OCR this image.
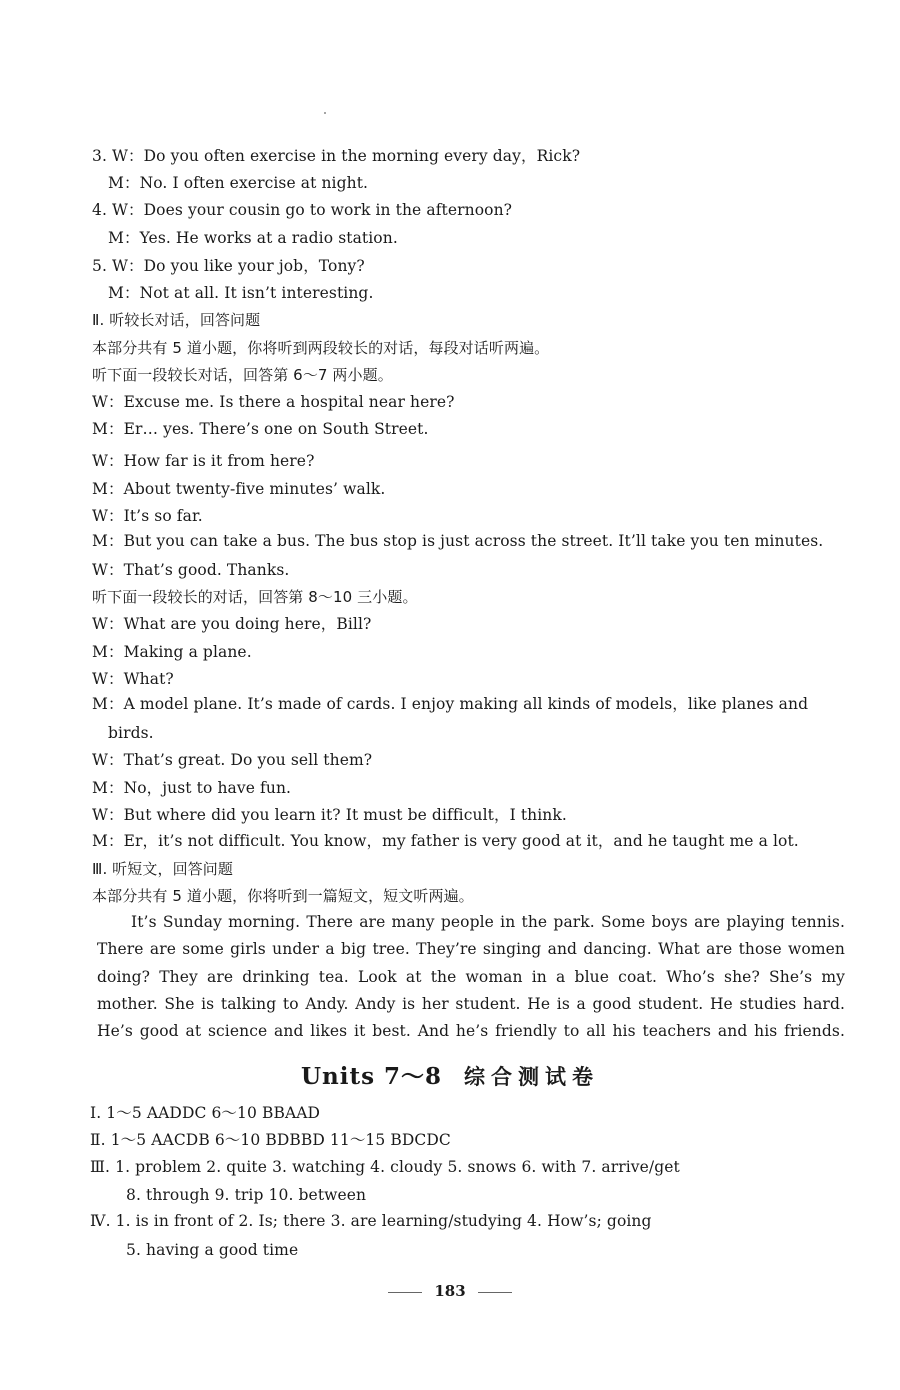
3. W：Do you often exercise in the morning every day，Rick?
M：No. I often exercise at night.
4. W：Does your cousin go to work in the afternoon?
M：Yes. He works at a radio station.
5. W：Do you like your job，Tony?
M：Not at all. It isn’t interesting.
Ⅱ. 听较长对话，回答问题
本部分共有 5 道小题，你将听到两段较长的对话，每段对话听两遍。
听下面一段较长对话，回答第 6～7 两小题。
W：Excuse me. Is there a hospital near here?
M：Er… yes. There’s one on South Street.
W：How far is it from here?
M：About twenty-five minutes’ walk.
W：It’s so far.
M：But you can take a bus. The bus stop is just across the street. It’ll take you ten minutes.
W：That’s good. Thanks.
听下面一段较长的对话，回答第 8～10 三小题。
W：What are you doing here，Bill?
M：Making a plane.
W：What?
M：A model plane. It’s made of cards. I enjoy making all kinds of models，like planes and
birds.
W：That’s great. Do you sell them?
M：No，just to have fun.
W：But where did you learn it? It must be difficult，I think.
M：Er，it’s not difficult. You know，my father is very good at it，and he taught me a lot.
Ⅲ. 听短文，回答问题
本部分共有 5 道小题，你将听到一篇短文，短文听两遍。
It’s Sunday morning. There are many people in the park. Some boys are playing tennis.
There are some girls under a big tree. They’re singing and dancing. What are those women
doing? They are drinking tea. Look at the woman in a blue coat. Who’s she? She’s my
mother. She is talking to Andy. Andy is her student. He is a good student. He studies hard.
He’s good at science and likes it best. And he’s friendly to all his teachers and his friends.
Units 7～8 综合测试卷
Ⅰ. 1～5 AADDC 6～10 BBAAD
Ⅱ. 1～5 AACDB 6～10 BDBBD 11～15 BDCDC
Ⅲ. 1. problem 2. quite 3. watching 4. cloudy 5. snows 6. with 7. arrive/get
8. through 9. trip 10. between
Ⅳ. 1. is in front of 2. Is; there 3. are learning/studying 4. How’s; going
5. having a good time
183
